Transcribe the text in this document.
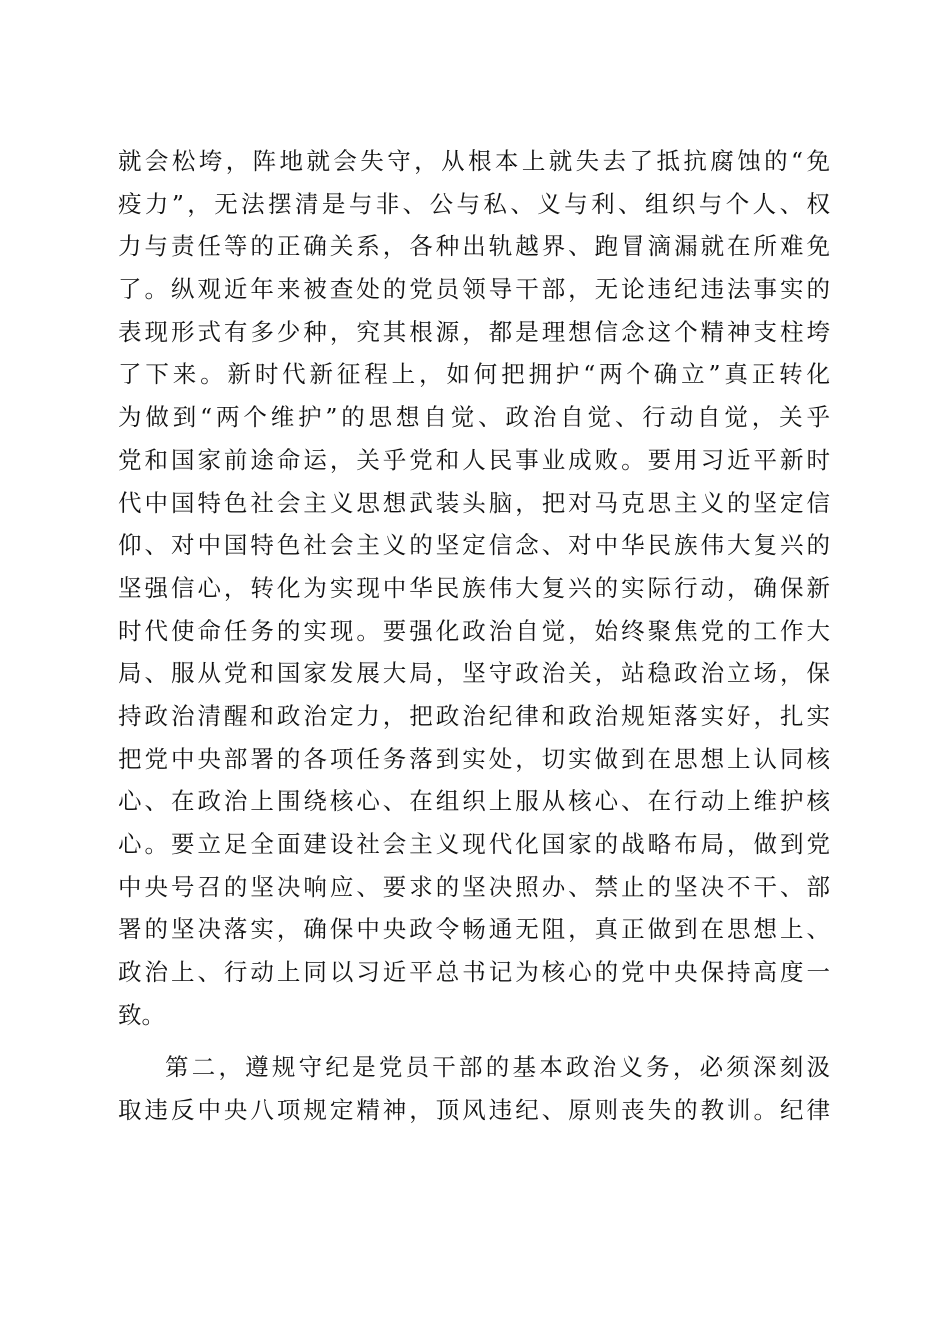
就会松垮，阵地就会失守，从根本上就失去了抵抗腐蚀的“免
疫力”，无法摆清是与非、公与私、义与利、组织与个人、权
力与责任等的正确关系，各种出轨越界、跑冒滴漏就在所难免
了。纵观近年来被查处的党员领导干部，无论违纪违法事实的
表现形式有多少种，究其根源，都是理想信念这个精神支柱垮
了下来。新时代新征程上，如何把拥护“两个确立”真正转化
为做到“两个维护”的思想自觉、政治自觉、行动自觉，关乎
党和国家前途命运，关乎党和人民事业成败。要用习近平新时
代中国特色社会主义思想武装头脑，把对马克思主义的坚定信
仰、对中国特色社会主义的坚定信念、对中华民族伟大复兴的
坚强信心，转化为实现中华民族伟大复兴的实际行动，确保新
时代使命任务的实现。要强化政治自觉，始终聚焦党的工作大
局、服从党和国家发展大局，坚守政治关，站稳政治立场，保
持政治清醒和政治定力，把政治纪律和政治规矩落实好，扎实
把党中央部署的各项任务落到实处，切实做到在思想上认同核
心、在政治上围绕核心、在组织上服从核心、在行动上维护核
心。要立足全面建设社会主义现代化国家的战略布局，做到党
中央号召的坚决响应、要求的坚决照办、禁止的坚决不干、部
署的坚决落实，确保中央政令畅通无阻，真正做到在思想上、
政治上、行动上同以习近平总书记为核心的党中央保持高度一
致。
第二，遵规守纪是党员干部的基本政治义务，必须深刻汲
取违反中央八项规定精神，顶风违纪、原则丧失的教训。纪律
